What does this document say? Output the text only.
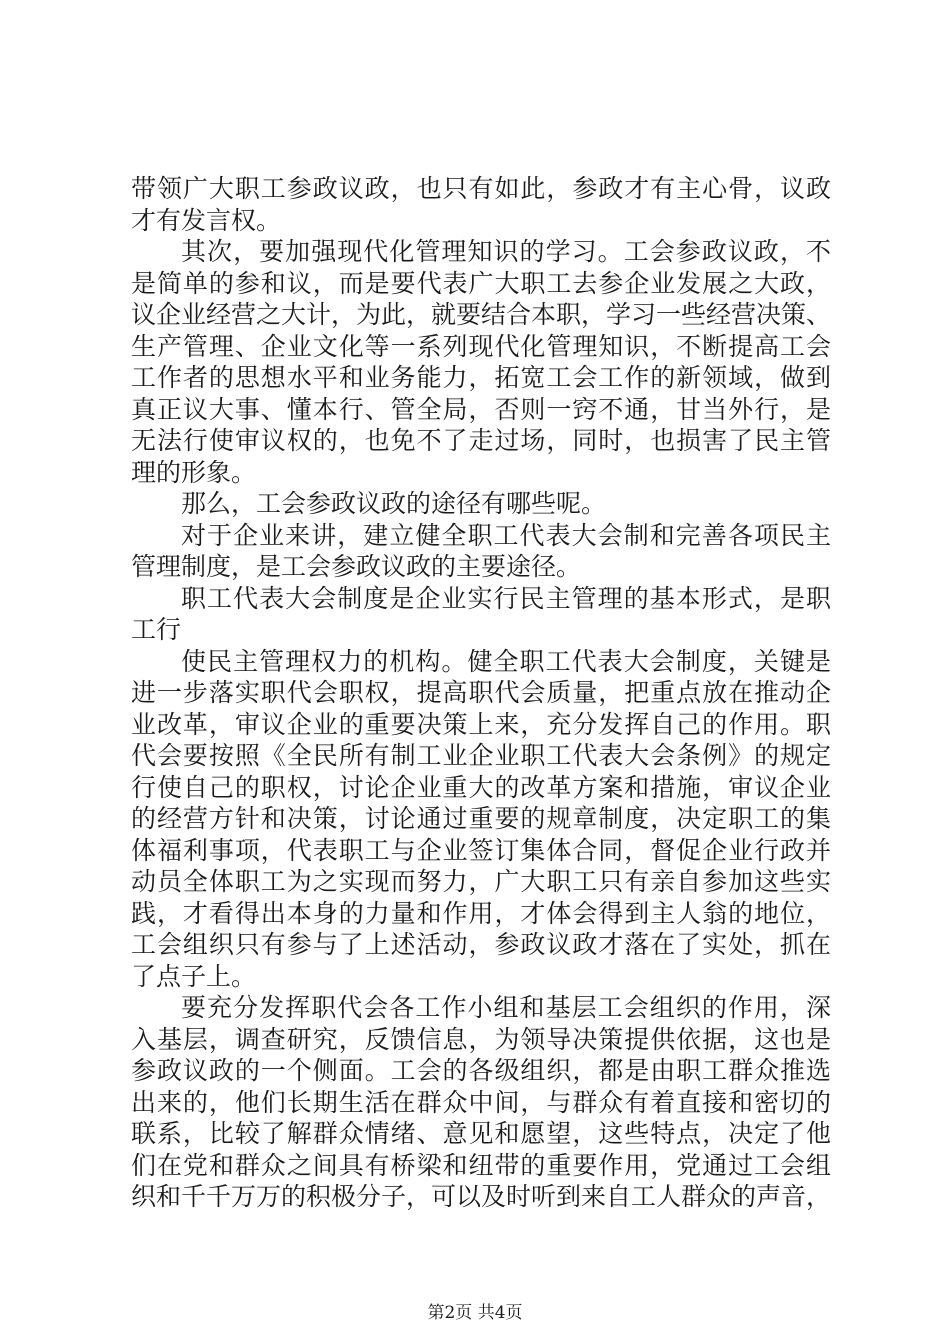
带领广大职工参政议政，也只有如此，参政才有主心骨，议政
才有发言权。
其次，要加强现代化管理知识的学习。工会参政议政，不
是简单的参和议，而是要代表广大职工去参企业发展之大政，
议企业经营之大计，为此，就要结合本职，学习一些经营决策、
生产管理、企业文化等一系列现代化管理知识，不断提高工会
工作者的思想水平和业务能力，拓宽工会工作的新领域，做到
真正议大事、懂本行、管全局，否则一窍不通，甘当外行，是
无法行使审议权的，也免不了走过场，同时，也损害了民主管
理的形象。
那么，工会参政议政的途径有哪些呢。
对于企业来讲，建立健全职工代表大会制和完善各项民主
管理制度，是工会参政议政的主要途径。
职工代表大会制度是企业实行民主管理的基本形式，是职
工行
使民主管理权力的机构。健全职工代表大会制度，关键是
进一步落实职代会职权，提高职代会质量，把重点放在推动企
业改革，审议企业的重要决策上来，充分发挥自己的作用。职
代会要按照《全民所有制工业企业职工代表大会条例》的规定
行使自己的职权，讨论企业重大的改革方案和措施，审议企业
的经营方针和决策，讨论通过重要的规章制度，决定职工的集
体福利事项，代表职工与企业签订集体合同，督促企业行政并
动员全体职工为之实现而努力，广大职工只有亲自参加这些实
践，才看得出本身的力量和作用，才体会得到主人翁的地位，
工会组织只有参与了上述活动，参政议政才落在了实处，抓在
了点子上。
要充分发挥职代会各工作小组和基层工会组织的作用，深
入基层，调查研究，反馈信息，为领导决策提供依据，这也是
参政议政的一个侧面。工会的各级组织，都是由职工群众推选
出来的，他们长期生活在群众中间，与群众有着直接和密切的
联系，比较了解群众情绪、意见和愿望，这些特点，决定了他
们在党和群众之间具有桥梁和纽带的重要作用，党通过工会组
织和千千万万的积极分子，可以及时听到来自工人群众的声音，
第2页 共4页
